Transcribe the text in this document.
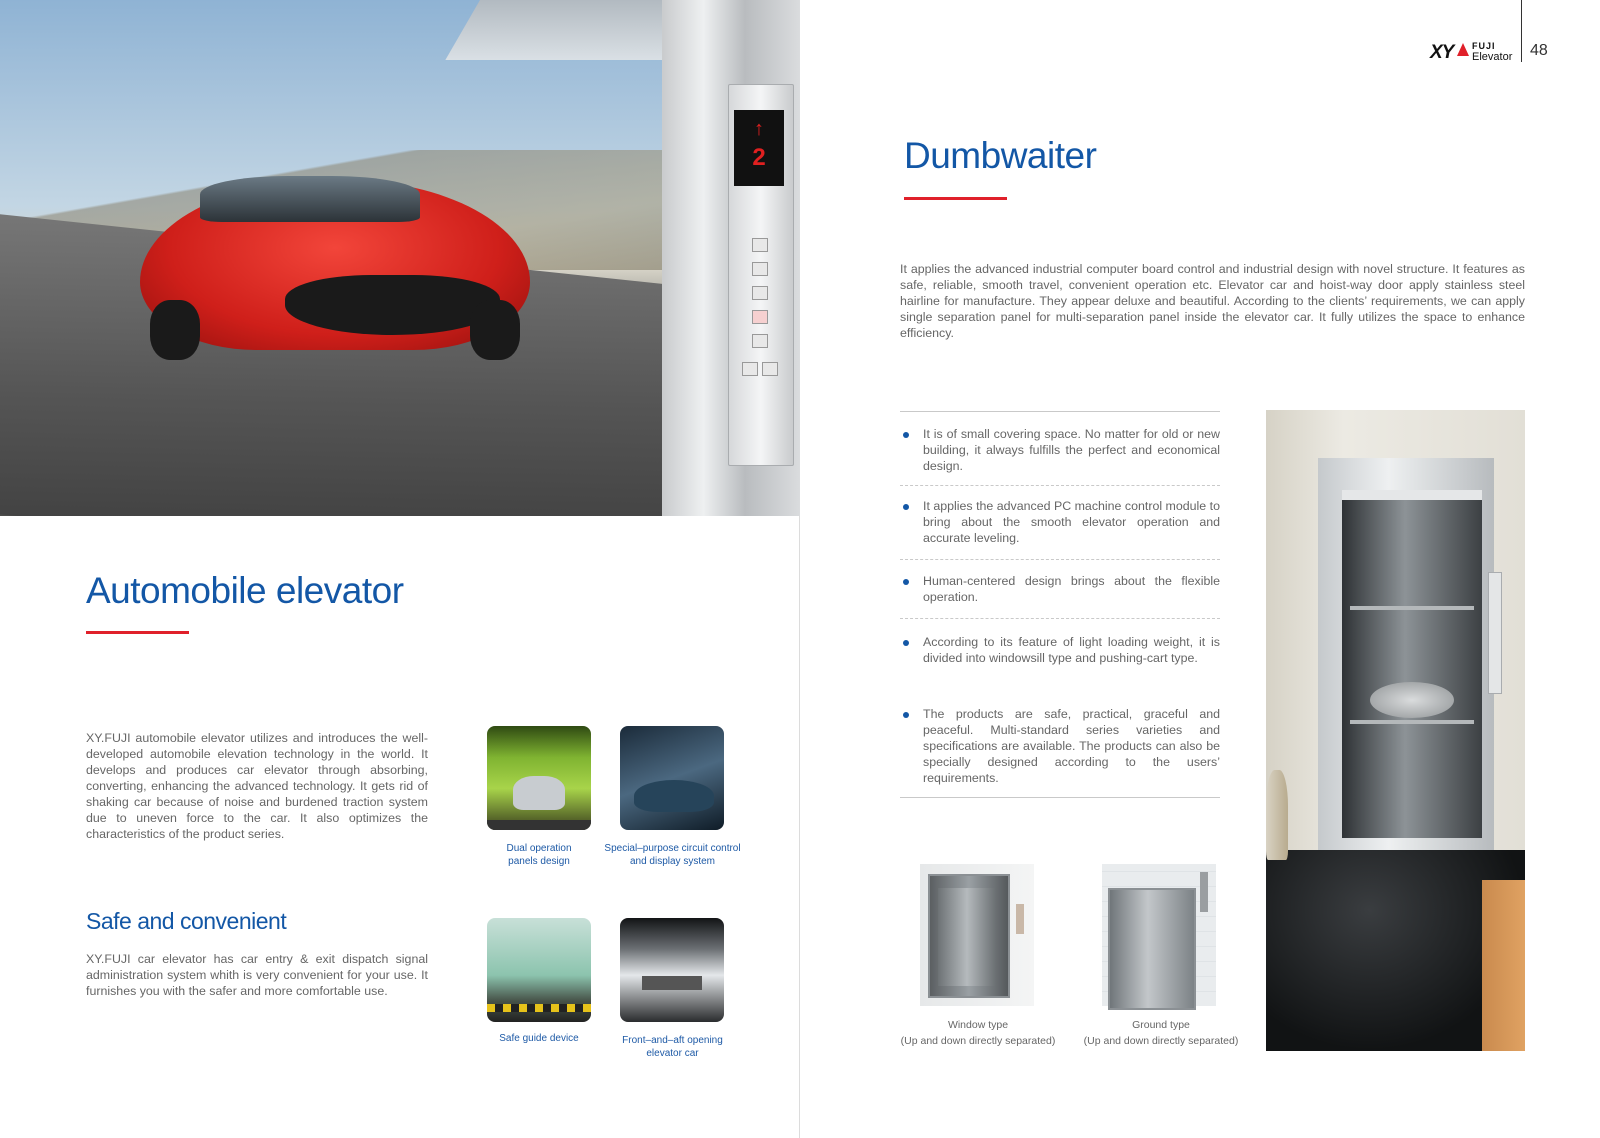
↑
2
Automobile elevator

XY.FUJI automobile elevator utilizes and introduces the well-developed automobile elevation technology in the world. It develops and produces car elevator through absorbing, converting, enhancing the advanced technology. It gets rid of shaking car because of noise and burdened traction system due to uneven force to the car. It also optimizes the characteristics of the product series.

Safe and convenient

XY.FUJI car elevator has car entry & exit dispatch signal administration system whith is very convenient for your use. It furnishes you with the safer and more comfortable use.

Dual operation
panels design
Special–purpose circuit control
and display system
Safe guide device	Front–and–aft opening
elevator car
XY FUJI
Elevator 48
Dumbwaiter

It applies the advanced industrial computer board control and industrial design with novel structure. It features as safe, reliable, smooth travel, convenient operation etc. Elevator car and hoist-way door apply stainless steel hairline for manufacture. They appear deluxe and beautiful. According to the clients’ requirements, we can apply single separation panel for multi-separation panel inside the elevator car. It fully utilizes the space to enhance efficiency.

It is of small covering space. No matter for old or new building, it always fulfills the perfect and economical design.

It applies the advanced PC machine control module to bring about the smooth elevator operation and accurate leveling.

Human-centered design brings about the flexible operation.

According to its feature of light loading weight, it is divided into windowsill type and pushing-cart type.

The products are safe, practical, graceful and peaceful. Multi-standard series varieties and specifications are available. The products can also be specially designed according to the users’ requirements.

Window type
(Up and down directly separated)
Ground type
(Up and down directly separated)
